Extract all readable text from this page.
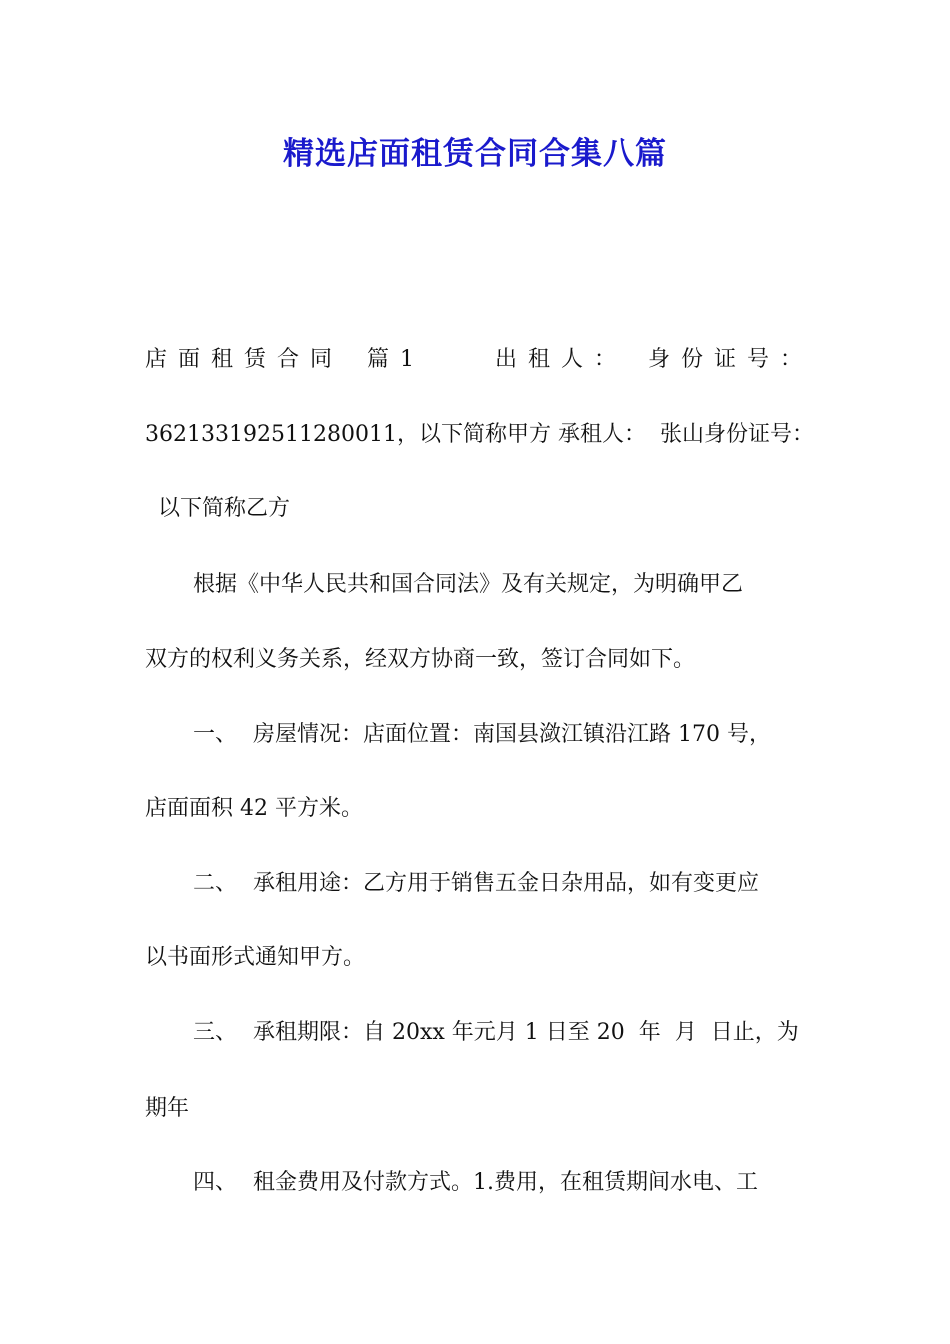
精选店面租赁合同合集八篇
店面租赁合同 篇 1	出租人： 身份证号：
362133192511280011，以下简称甲方 承租人： 张山身份证号：
以下简称乙方
根据《中华人民共和国合同法》及有关规定，为明确甲乙
双方的权利义务关系，经双方协商一致，签订合同如下。
一、 房屋情况：店面位置：南国县潋江镇沿江路 170 号，
店面面积 42 平方米。
二、 承租用途：乙方用于销售五金日杂用品，如有变更应
以书面形式通知甲方。
三、 承租期限：自 20xx 年元月 1 日至 20  年  月  日止，为
期年
四、 租金费用及付款方式。1.费用，在租赁期间水电、工
